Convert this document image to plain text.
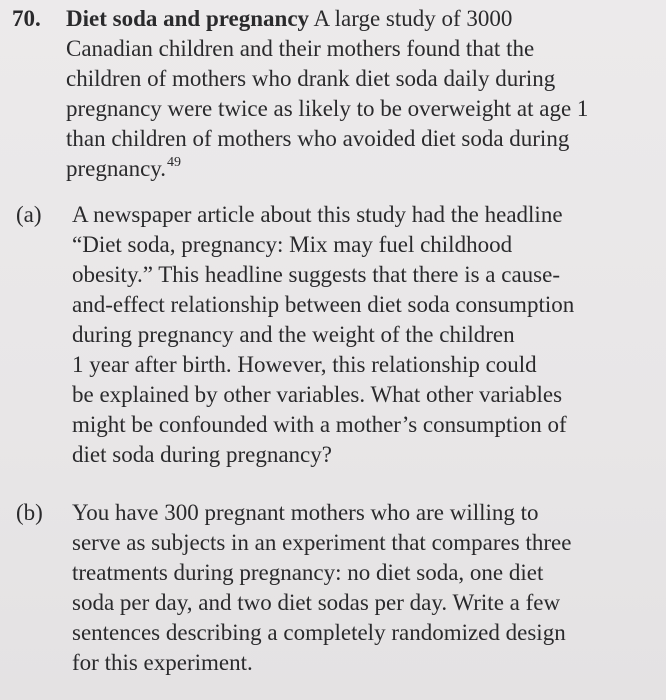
70. Diet soda and pregnancy A large study of 3000
Canadian children and their mothers found that the
children of mothers who drank diet soda daily during
pregnancy were twice as likely to be overweight at age 1
than children of mothers who avoided diet soda during
pregnancy.$^{49}$
(a) A newspaper article about this study had the headline
“Diet soda, pregnancy: Mix may fuel childhood
obesity.” This headline suggests that there is a cause-
and-effect relationship between diet soda consumption
during pregnancy and the weight of the children
1 year after birth. However, this relationship could
be explained by other variables. What other variables
might be confounded with a mother’s consumption of
diet soda during pregnancy?
(b) You have 300 pregnant mothers who are willing to
serve as subjects in an experiment that compares three
treatments during pregnancy: no diet soda, one diet
soda per day, and two diet sodas per day. Write a few
sentences describing a completely randomized design
for this experiment.
